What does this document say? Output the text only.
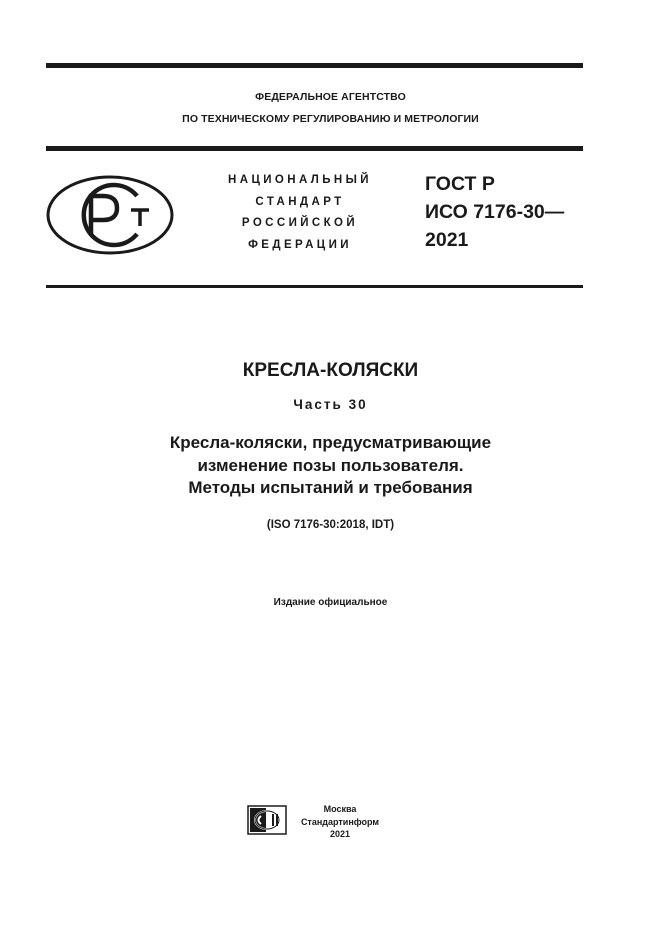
ФЕДЕРАЛЬНОЕ АГЕНТСТВО
ПО ТЕХНИЧЕСКОМУ РЕГУЛИРОВАНИЮ И МЕТРОЛОГИИ
НАЦИОНАЛЬНЫЙ
СТАНДАРТ
РОССИЙСКОЙ
ФЕДЕРАЦИИ
ГОСТ Р
ИСО 7176-30—
2021
КРЕСЛА-КОЛЯСКИ
Часть 30
Кресла-коляски, предусматривающие
изменение позы пользователя.
Методы испытаний и требования
(ISO 7176-30:2018, IDT)
Издание официальное
Москва
Стандартинформ
2021
